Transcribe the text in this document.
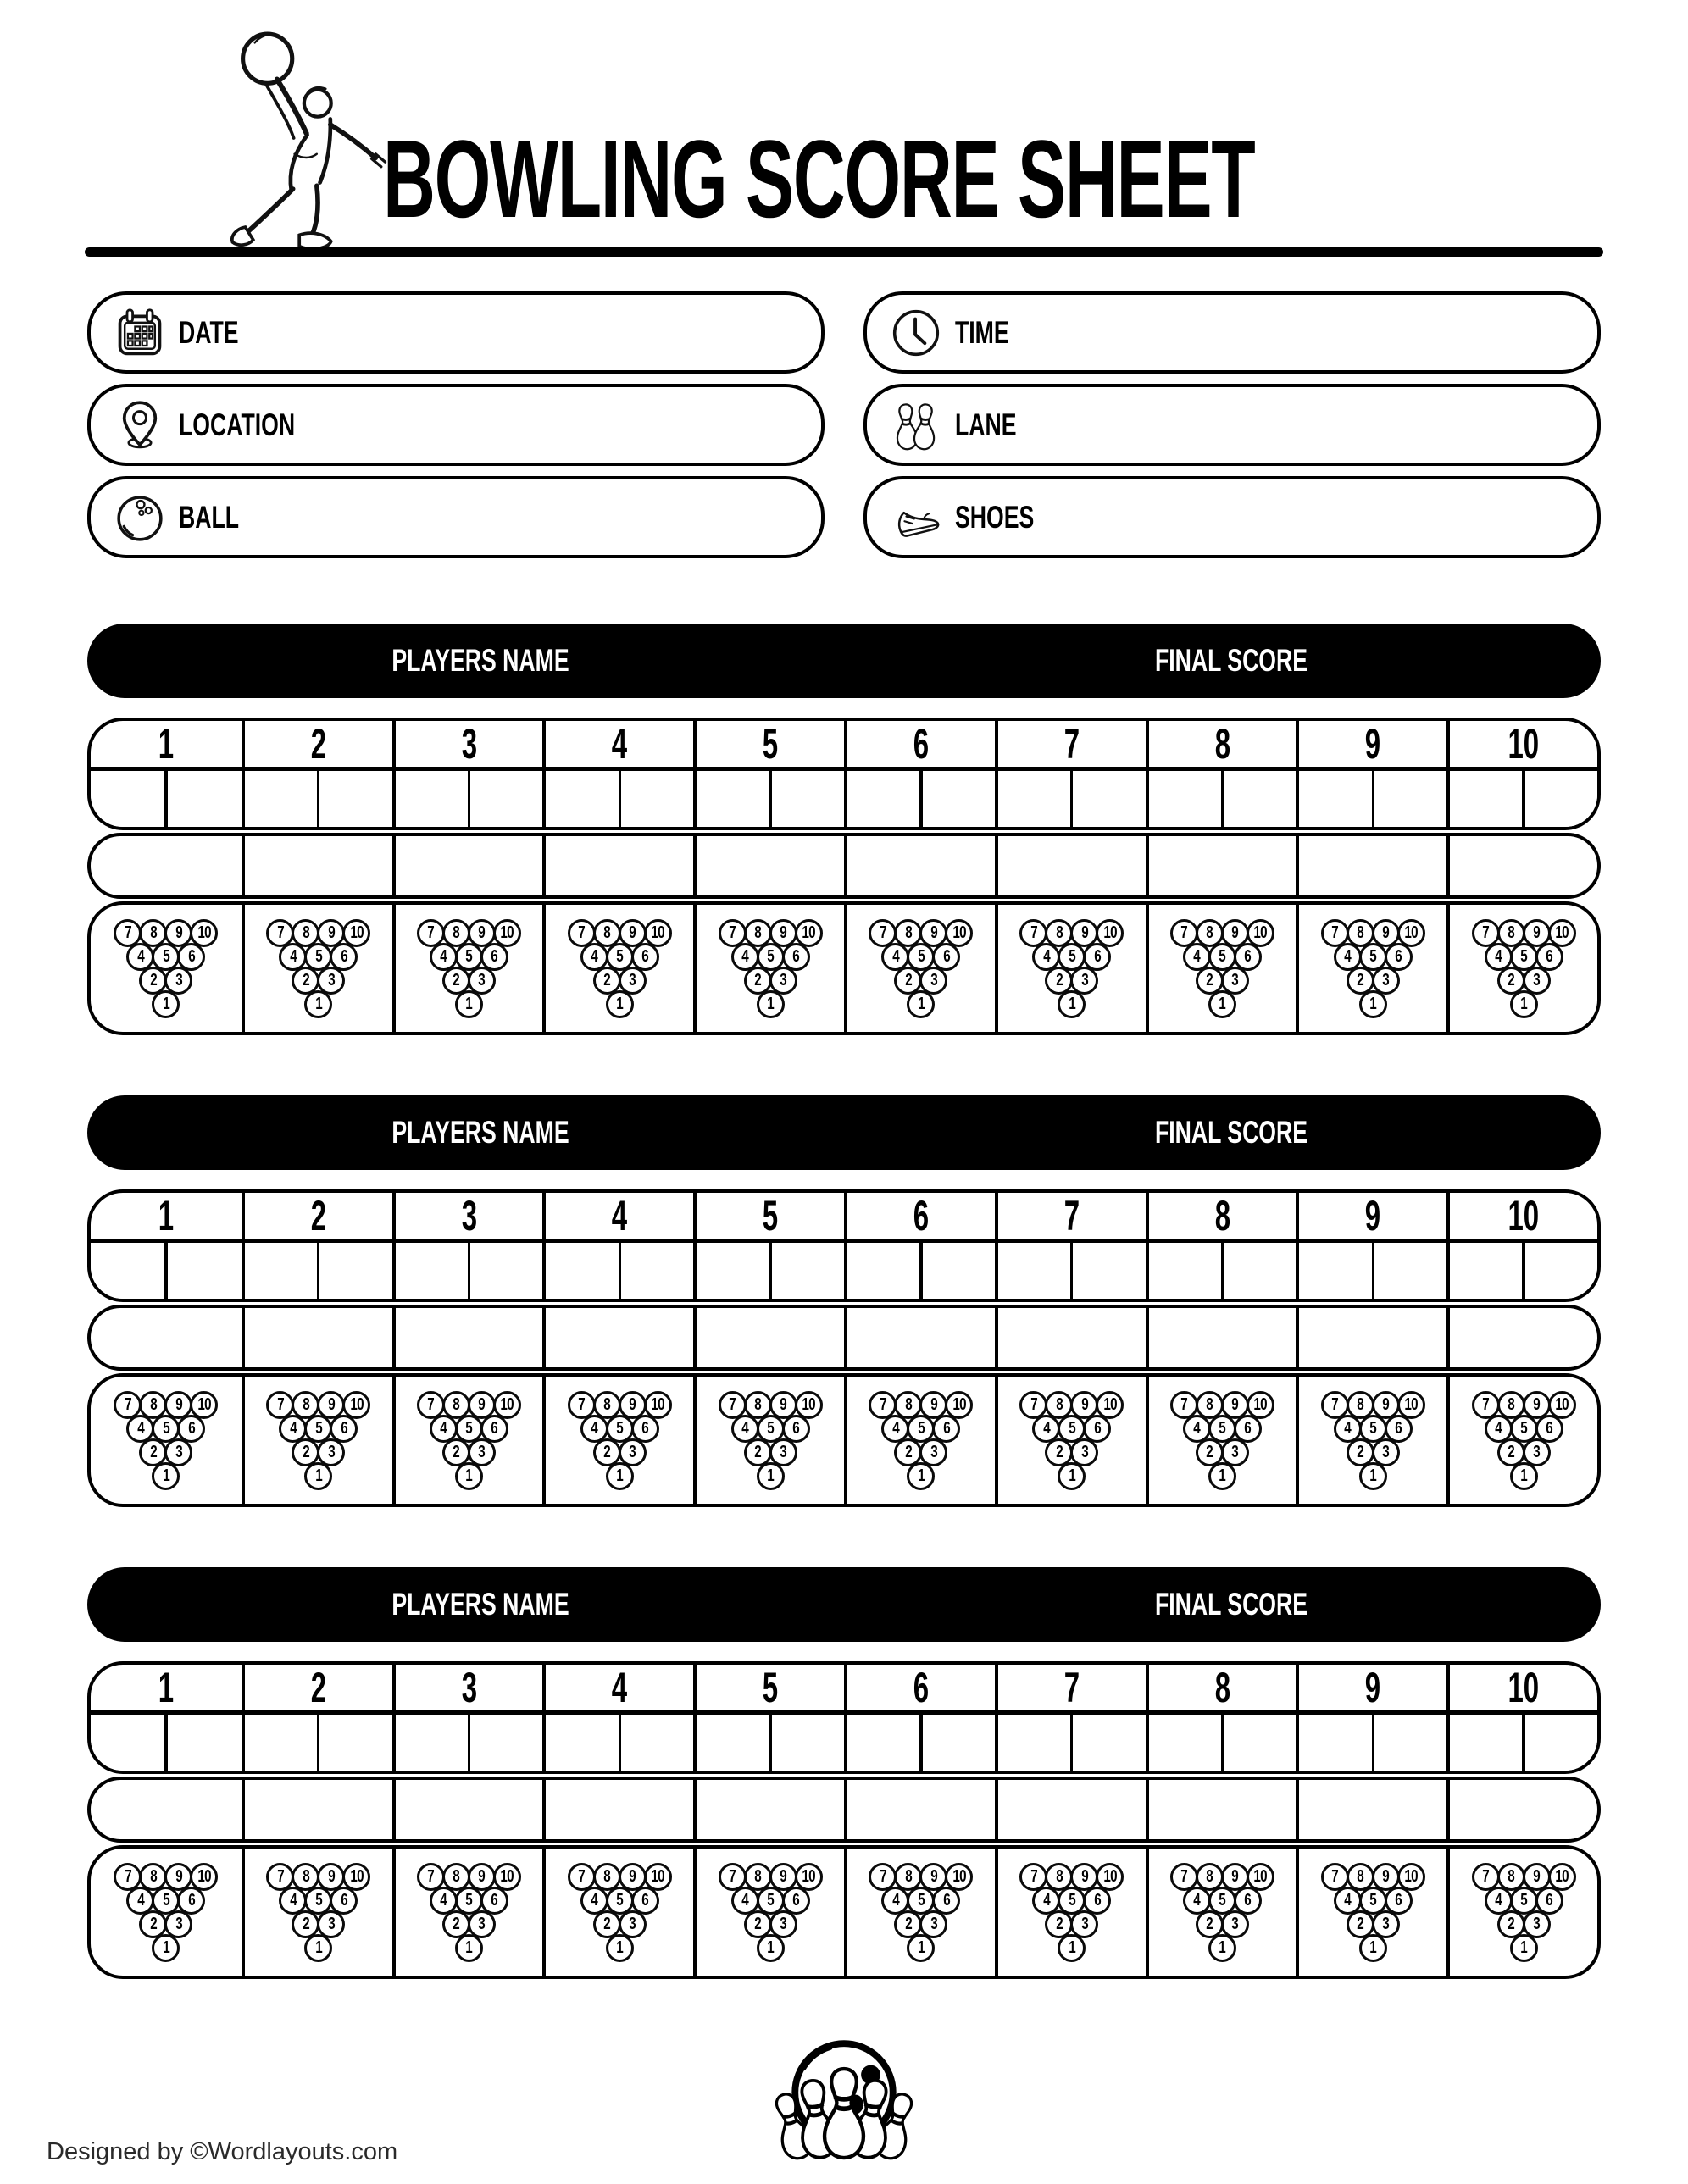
BOWLING SCORE SHEET
DATE
LOCATION
BALL
TIME
LANE
SHOES
PLAYERS NAME	FINAL SCORE
1	2	3	4	5	6	7	8	9	10
7 8 9 10
4 5 6
2 3
1
7 8 9 10
4 5 6
2 3
1
7 8 9 10
4 5 6
2 3
1
7 8 9 10
4 5 6
2 3
1
7 8 9 10
4 5 6
2 3
1
7 8 9 10
4 5 6
2 3
1
7 8 9 10
4 5 6
2 3
1
7 8 9 10
4 5 6
2 3
1
7 8 9 10
4 5 6
2 3
1
7 8 9 10
4 5 6
2 3
1
PLAYERS NAME	FINAL SCORE
1	2	3	4	5	6	7	8	9	10
7 8 9 10
4 5 6
2 3
1
7 8 9 10
4 5 6
2 3
1
7 8 9 10
4 5 6
2 3
1
7 8 9 10
4 5 6
2 3
1
7 8 9 10
4 5 6
2 3
1
7 8 9 10
4 5 6
2 3
1
7 8 9 10
4 5 6
2 3
1
7 8 9 10
4 5 6
2 3
1
7 8 9 10
4 5 6
2 3
1
7 8 9 10
4 5 6
2 3
1
PLAYERS NAME	FINAL SCORE
1	2	3	4	5	6	7	8	9	10
7 8 9 10
4 5 6
2 3
1
7 8 9 10
4 5 6
2 3
1
7 8 9 10
4 5 6
2 3
1
7 8 9 10
4 5 6
2 3
1
7 8 9 10
4 5 6
2 3
1
7 8 9 10
4 5 6
2 3
1
7 8 9 10
4 5 6
2 3
1
7 8 9 10
4 5 6
2 3
1
7 8 9 10
4 5 6
2 3
1
7 8 9 10
4 5 6
2 3
1
Designed by ©Wordlayouts.com
